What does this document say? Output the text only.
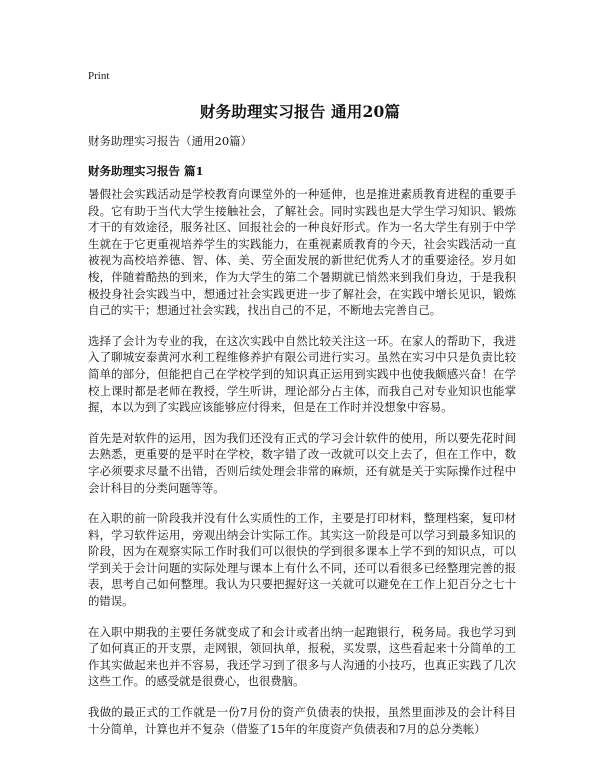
Print
财务助理实习报告 通用20篇

财务助理实习报告（通用20篇）

财务助理实习报告 篇1

暑假社会实践活动是学校教育向课堂外的一种延伸，也是推进素质教育进程的重要手段。它有助于当代大学生接触社会，了解社会。同时实践也是大学生学习知识、锻炼才干的有效途径，服务社区、回报社会的一种良好形式。作为一名大学生有别于中学生就在于它更重视培养学生的实践能力，在重视素质教育的今天，社会实践活动一直被视为高校培养德、智、体、美、劳全面发展的新世纪优秀人才的重要途径。岁月如梭，伴随着酷热的到来，作为大学生的第二个暑期就已悄然来到我们身边，于是我积极投身社会实践当中，想通过社会实践更进一步了解社会，在实践中增长见识，锻炼自己的实干；想通过社会实践，找出自己的不足，不断地去完善自己。

选择了会计为专业的我，在这次实践中自然比较关注这一环。在家人的帮助下，我进入了聊城安泰黄河水利工程维修养护有限公司进行实习。虽然在实习中只是负责比较简单的部分，但能把自己在学校学到的知识真正运用到实践中也使我颇感兴奋！在学校上课时都是老师在教授，学生听讲，理论部分占主体，而我自己对专业知识也能掌握，本以为到了实践应该能够应付得来，但是在工作时并没想象中容易。

首先是对软件的运用，因为我们还没有正式的学习会计软件的使用，所以要先花时间去熟悉，更重要的是平时在学校，数字错了改一改就可以交上去了，但在工作中，数字必须要求尽量不出错，否则后续处理会非常的麻烦，还有就是关于实际操作过程中会计科目的分类问题等等。

在入职的前一阶段我并没有什么实质性的工作，主要是打印材料，整理档案，复印材料，学习软件运用，旁观出纳会计实际工作。其实这一阶段是可以学习到最多知识的阶段，因为在观察实际工作时我们可以很快的学到很多课本上学不到的知识点，可以学到关于会计问题的实际处理与课本上有什么不同，还可以看很多已经整理完善的报表，思考自己如何整理。我认为只要把握好这一关就可以避免在工作上犯百分之七十的错误。

在入职中期我的主要任务就变成了和会计或者出纳一起跑银行，税务局。我也学习到了如何真正的开支票，走网银，领回执单，报税，买发票，这些看起来十分简单的工作其实做起来也并不容易，我还学习到了很多与人沟通的小技巧，也真正实践了几次这些工作。的感受就是很费心，也很费脑。

我做的最正式的工作就是一份7月份的资产负债表的快报，虽然里面涉及的会计科目十分简单，计算也并不复杂（借鉴了15年的年度资产负债表和7月的总分类帐）
